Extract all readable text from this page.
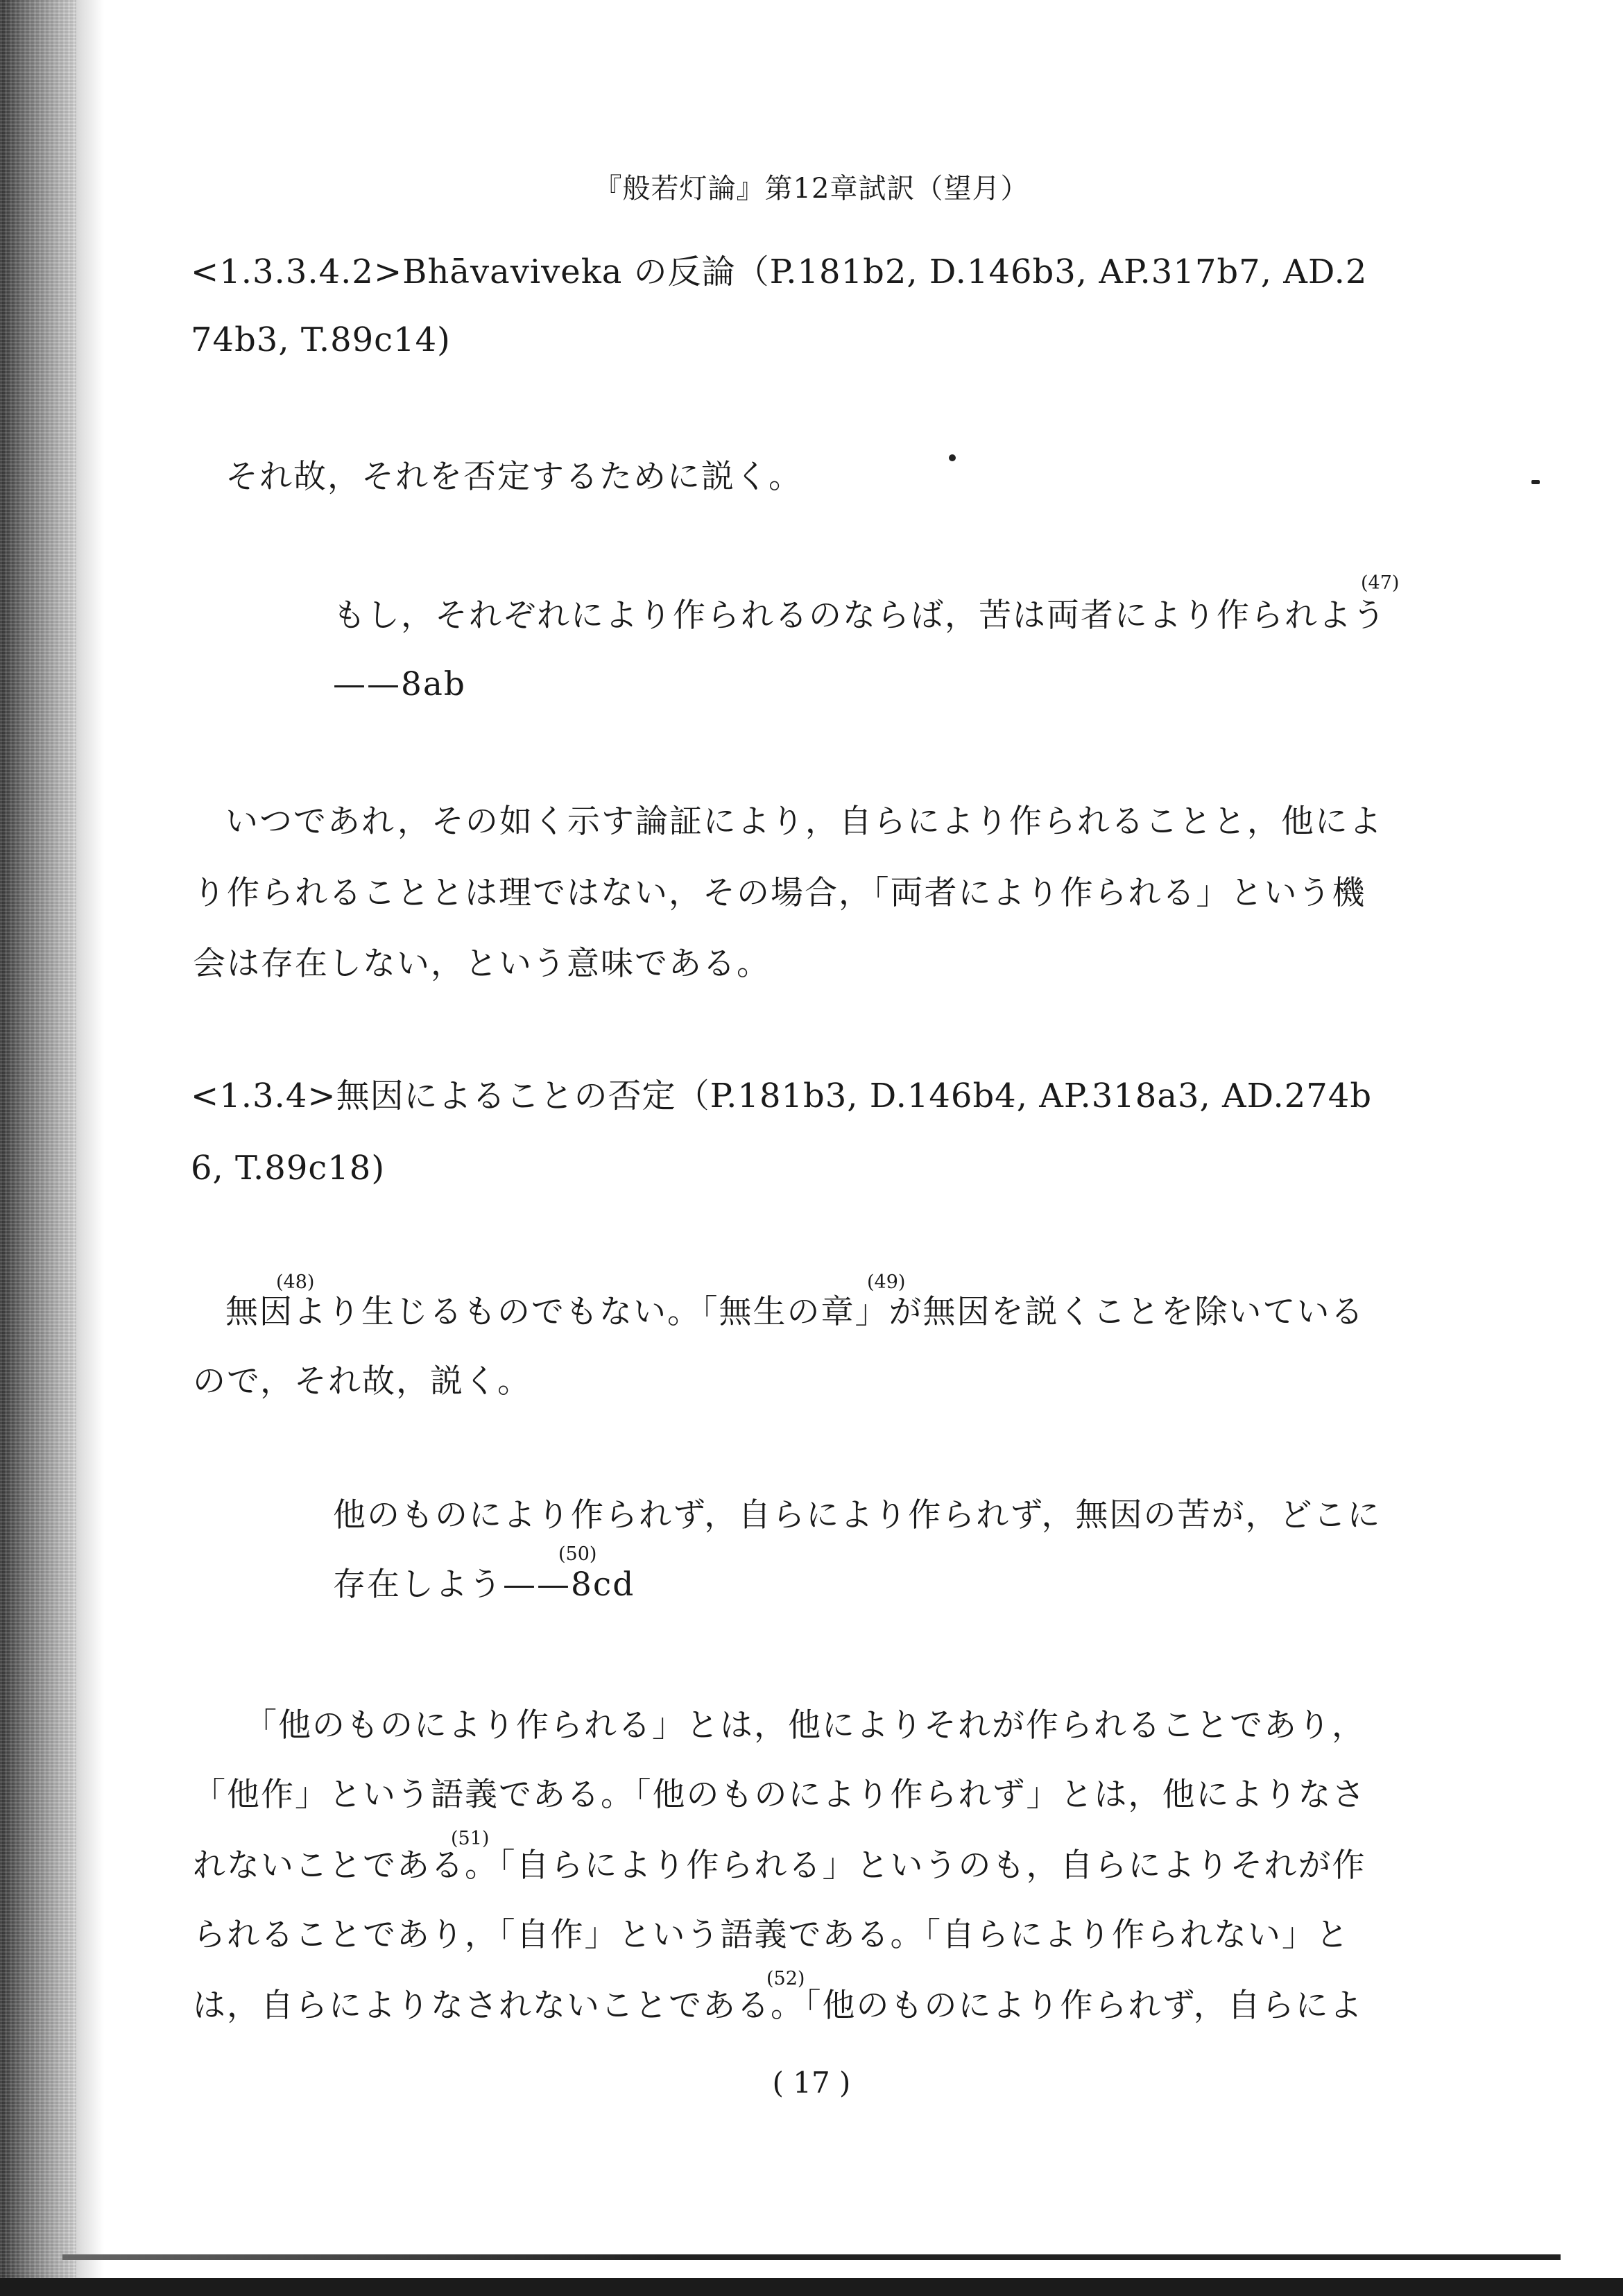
『般若灯論』第12章試訳（望月）
<1.3.3.4.2>Bhāvaviveka の反論（P.181b2, D.146b3, AP.317b7, AD.2
74b3, T.89c14)
それ故，それを否定するために説く。
(47)
もし，それぞれにより作られるのならば，苦は両者により作られよう
——8ab
いつであれ，その如く示す論証により，自らにより作られることと，他によ
り作られることとは理ではない，その場合，「両者により作られる」という機
会は存在しない，という意味である。
<1.3.4>無因によることの否定（P.181b3, D.146b4, AP.318a3, AD.274b
6, T.89c18)
(48)	(49)
無因より生じるものでもない。「無生の章」が無因を説くことを除いている
ので，それ故，説く。
他のものにより作られず，自らにより作られず，無因の苦が，どこに
(50)
存在しよう——8cd
「他のものにより作られる」とは，他によりそれが作られることであり，
「他作」という語義である。「他のものにより作られず」とは，他によりなさ
(51)
れないことである。「自らにより作られる」というのも，自らによりそれが作
られることであり，「自作」という語義である。「自らにより作られない」と
(52)
は，自らによりなされないことである。「他のものにより作られず，自らによ
( 17 )
